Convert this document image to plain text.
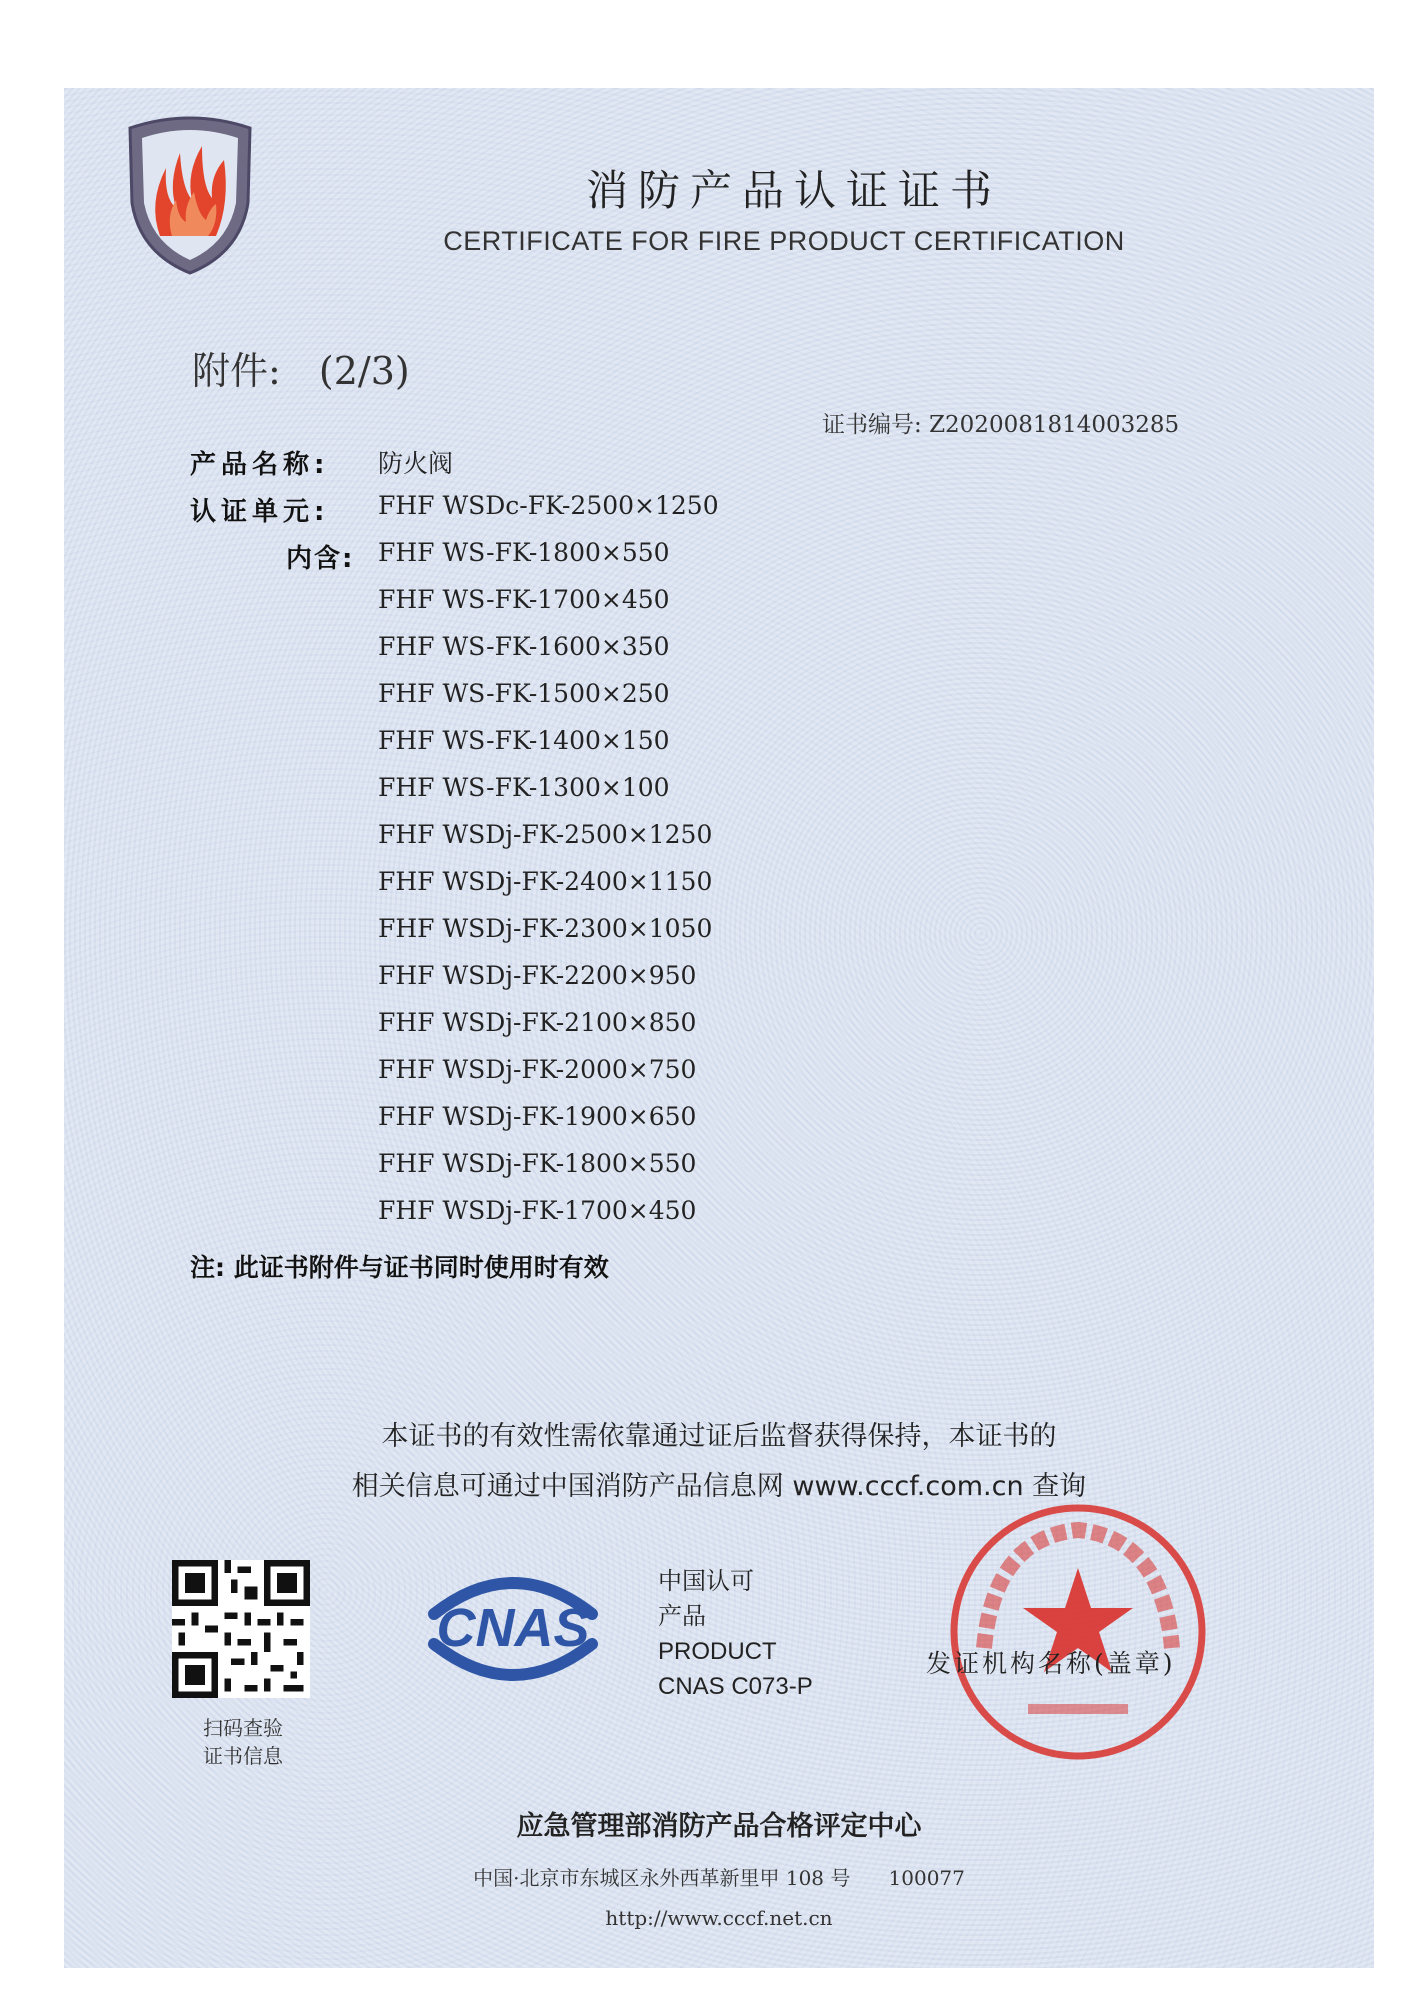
消防产品认证证书
CERTIFICATE FOR FIRE PRODUCT CERTIFICATION
附件: (2/3)
证书编号: Z2020081814003285
产品名称: 防火阀
认证单元: FHF WSDc-FK-2500×1250
内含: FHF WS-FK-1800×550
FHF WS-FK-1700×450
FHF WS-FK-1600×350
FHF WS-FK-1500×250
FHF WS-FK-1400×150
FHF WS-FK-1300×100
FHF WSDj-FK-2500×1250
FHF WSDj-FK-2400×1150
FHF WSDj-FK-2300×1050
FHF WSDj-FK-2200×950
FHF WSDj-FK-2100×850
FHF WSDj-FK-2000×750
FHF WSDj-FK-1900×650
FHF WSDj-FK-1800×550
FHF WSDj-FK-1700×450
注: 此证书附件与证书同时使用时有效
本证书的有效性需依靠通过证后监督获得保持，本证书的
相关信息可通过中国消防产品信息网 www.cccf.com.cn 查询
扫码查验
证书信息
CNAS
中国认可
产品
PRODUCT
CNAS C073-P
发证机构名称(盖章)
应急管理部消防产品合格评定中心
中国·北京市东城区永外西革新里甲 108 号      100077
http://www.cccf.net.cn
